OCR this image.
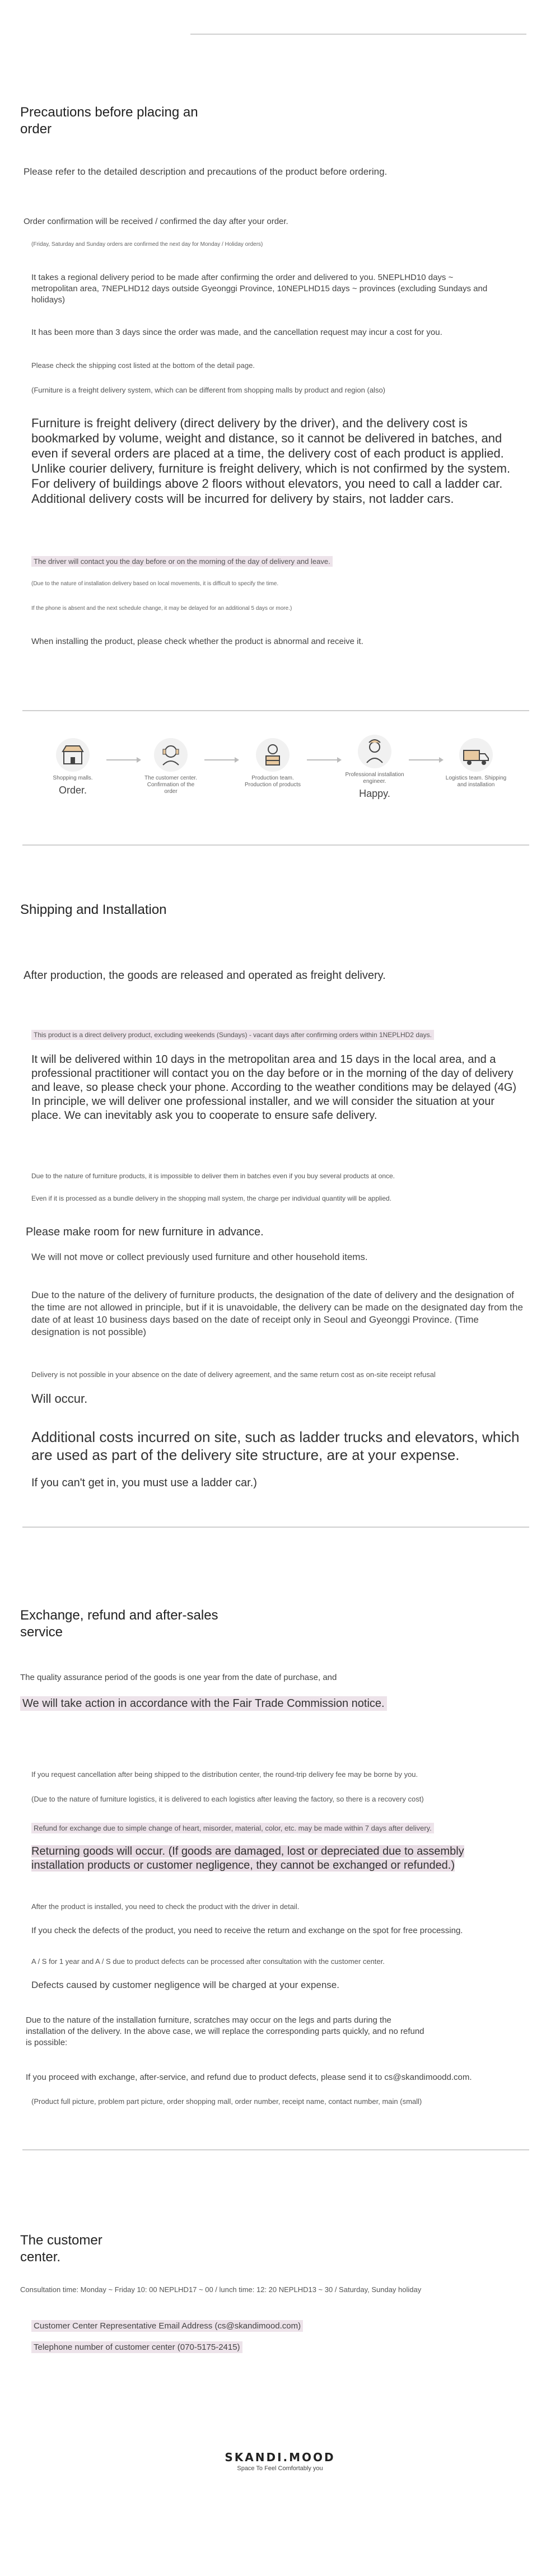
Precautions before placing an order
Please refer to the detailed description and precautions of the product before ordering.
Order confirmation will be received / confirmed the day after your order.
(Friday, Saturday and Sunday orders are confirmed the next day for Monday / Holiday orders)
It takes a regional delivery period to be made after confirming the order and delivered to you. 5NEPLHD10 days ~ metropolitan area, 7NEPLHD12 days outside Gyeonggi Province, 10NEPLHD15 days ~ provinces (excluding Sundays and holidays)
It has been more than 3 days since the order was made, and the cancellation request may incur a cost for you.
Please check the shipping cost listed at the bottom of the detail page.
(Furniture is a freight delivery system, which can be different from shopping malls by product and region (also)
Furniture is freight delivery (direct delivery by the driver), and the delivery cost is bookmarked by volume, weight and distance, so it cannot be delivered in batches, and even if several orders are placed at a time, the delivery cost of each product is applied. Unlike courier delivery, furniture is freight delivery, which is not confirmed by the system. For delivery of buildings above 2 floors without elevators, you need to call a ladder car. Additional delivery costs will be incurred for delivery by stairs, not ladder cars.
The driver will contact you the day before or on the morning of the day of delivery and leave.
(Due to the nature of installation delivery based on local movements, it is difficult to specify the time.
If the phone is absent and the next schedule change, it may be delayed for an additional 5 days or more.)
When installing the product, please check whether the product is abnormal and receive it.
Shopping malls.
Order.
The customer center. Confirmation of the order
Production team. Production of products
Professional installation engineer.
Happy.
Logistics team. Shipping and installation
Shipping and Installation
After production, the goods are released and operated as freight delivery.
This product is a direct delivery product, excluding weekends (Sundays) - vacant days after confirming orders within 1NEPLHD2 days.
It will be delivered within 10 days in the metropolitan area and 15 days in the local area, and a professional practitioner will contact you on the day before or in the morning of the day of delivery and leave, so please check your phone. According to the weather conditions may be delayed (4G) In principle, we will deliver one professional installer, and we will consider the situation at your place. We can inevitably ask you to cooperate to ensure safe delivery.
Due to the nature of furniture products, it is impossible to deliver them in batches even if you buy several products at once.
Even if it is processed as a bundle delivery in the shopping mall system, the charge per individual quantity will be applied.
Please make room for new furniture in advance.
We will not move or collect previously used furniture and other household items.
Due to the nature of the delivery of furniture products, the designation of the date of delivery and the designation of the time are not allowed in principle, but if it is unavoidable, the delivery can be made on the designated day from the date of at least 10 business days based on the date of receipt only in Seoul and Gyeonggi Province. (Time designation is not possible)
Delivery is not possible in your absence on the date of delivery agreement, and the same return cost as on-site receipt refusal
Will occur.
Additional costs incurred on site, such as ladder trucks and elevators, which are used as part of the delivery site structure, are at your expense.
If you can't get in, you must use a ladder car.)
Exchange, refund and after-sales service
The quality assurance period of the goods is one year from the date of purchase, and
We will take action in accordance with the Fair Trade Commission notice.
If you request cancellation after being shipped to the distribution center, the round-trip delivery fee may be borne by you.
(Due to the nature of furniture logistics, it is delivered to each logistics after leaving the factory, so there is a recovery cost)
Refund for exchange due to simple change of heart, misorder, material, color, etc. may be made within 7 days after delivery.
Returning goods will occur. (If goods are damaged, lost or depreciated due to assembly installation products or customer negligence, they cannot be exchanged or refunded.)
After the product is installed, you need to check the product with the driver in detail.
If you check the defects of the product, you need to receive the return and exchange on the spot for free processing.
A / S for 1 year and A / S due to product defects can be processed after consultation with the customer center.
Defects caused by customer negligence will be charged at your expense.
Due to the nature of the installation furniture, scratches may occur on the legs and parts during the installation of the delivery. In the above case, we will replace the corresponding parts quickly, and no refund is possible:
If you proceed with exchange, after-service, and refund due to product defects, please send it to cs@skandimoodd.com.
(Product full picture, problem part picture, order shopping mall, order number, receipt name, contact number, main (small)
The customer center.
Consultation time: Monday ~ Friday 10: 00 NEPLHD17 ~ 00 / lunch time: 12: 20 NEPLHD13 ~ 30 / Saturday, Sunday holiday
Customer Center Representative Email Address (cs@skandimood.com)
Telephone number of customer center (070-5175-2415)
SKANDI.MOOD
Space To Feel Comfortably you
